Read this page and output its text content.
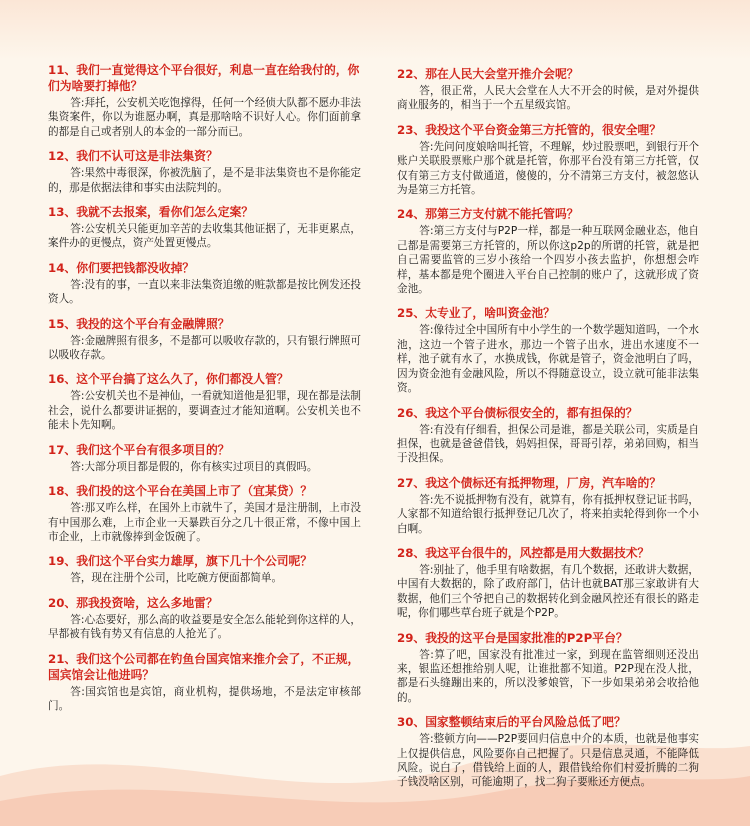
11、我们一直觉得这个平台很好，利息一直在给我付的，你们为啥要打掉他？
答:拜托，公安机关吃饱撑得，任何一个经侦大队都不愿办非法集资案件，你以为谁愿办啊，真是那啥啥不识好人心。你们面前拿的都是自己或者别人的本金的一部分而已。
12、我们不认可这是非法集资？
答:果然中毒很深，你被洗脑了，是不是非法集资也不是你能定的，那是依据法律和事实由法院判的。
13、我就不去报案，看你们怎么定案？
答:公安机关只能更加辛苦的去收集其他证据了，无非更累点，案件办的更慢点，资产处置更慢点。
14、你们要把钱都没收掉？
答:没有的事，一直以来非法集资追缴的赃款都是按比例发还投资人。
15、我投的这个平台有金融牌照？
答:金融牌照有很多，不是都可以吸收存款的，只有银行牌照可以吸收存款。
16、这个平台搞了这么久了，你们都没人管？
答:公安机关也不是神仙，一看就知道他是犯罪，现在都是法制社会，说什么都要讲证据的，要调查过才能知道啊。公安机关也不能未卜先知啊。
17、我们这个平台有很多项目的？
答:大部分项目都是假的，你有核实过项目的真假吗。
18、我们投的这个平台在美国上市了（宜某贷）？
答:那又咋么样，在国外上市就牛了，美国才是注册制，上市没有中国那么难，上市企业一天暴跌百分之几十很正常，不像中国上市企业，上市就像捧到金饭碗了。
19、我们这个平台实力雄厚，旗下几十个公司呢？
答，现在注册个公司，比吃碗方便面都简单。
20、那我投资啥，这么多地雷？
答:心态要好，那么高的收益要是安全怎么能轮到你这样的人，早都被有钱有势又有信息的人抢光了。
21、我们这个公司都在钓鱼台国宾馆来推介会了，不正规，国宾馆会让他进吗？
答:国宾馆也是宾馆，商业机构，提供场地，不是法定审核部门。
22、那在人民大会堂开推介会呢？
答，很正常，人民大会堂在人大不开会的时候，是对外提供商业服务的，相当于一个五星级宾馆。
23、我投这个平台资金第三方托管的，很安全哩？
答:先问问度娘啥叫托管，不理解，炒过股票吧，到银行开个账户关联股票账户那个就是托管，你那平台没有第三方托管，仅仅有第三方支付做通道，傻傻的，分不清第三方支付，被忽悠认为是第三方托管。
24、那第三方支付就不能托管吗？
答:第三方支付与P2P一样，都是一种互联网金融业态，他自己都是需要第三方托管的，所以你这p2p的所谓的托管，就是把自己需要监管的三岁小孩给一个四岁小孩去监护，你想想会咋样，基本都是兜个圈进入平台自己控制的账户了，这就形成了资金池。
25、太专业了，啥叫资金池？
答:像待过全中国所有中小学生的一个数学题知道吗，一个水池，这边一个管子进水，那边一个管子出水，进出水速度不一样，池子就有水了，水换成钱，你就是管子，资金池明白了吗，因为资金池有金融风险，所以不得随意设立，设立就可能非法集资。
26、我这个平台债标很安全的，都有担保的？
答:有没有仔细看，担保公司是谁，都是关联公司，实质是自担保，也就是爸爸借钱，妈妈担保，哥哥引荐，弟弟回购，相当于没担保。
27、我这个债标还有抵押物理，厂房，汽车啥的？
答:先不说抵押物有没有，就算有，你有抵押权登记证书吗，人家都不知道给银行抵押登记几次了，将来拍卖轮得到你一个小白啊。
28、我这平台很牛的，风控都是用大数据技术？
答:别扯了，他手里有啥数据，有几个数据，还敢讲大数据，中国有大数据的，除了政府部门，估计也就BAT那三家敢讲有大数据，他们三个爷把自己的数据转化到金融风控还有很长的路走呢，你们哪些草台班子就是个P2P。
29、我投的这平台是国家批准的P2P平台？
答:算了吧，国家没有批准过一家，到现在监管细则还没出来，银监还想推给别人呢，让谁批都不知道。P2P现在没人批，都是石头缝蹦出来的，所以没爹娘管，下一步如果弟弟会收拾他的。
30、国家整顿结束后的平台风险总低了吧？
答:整顿方向——P2P要回归信息中介的本质，也就是他事实上仅提供信息，风险要你自己把握了。只是信息灵通，不能降低风险。说白了，借钱给上面的人，跟借钱给你们村爱折腾的二狗子钱没啥区别，可能逾期了，找二狗子要账还方便点。
